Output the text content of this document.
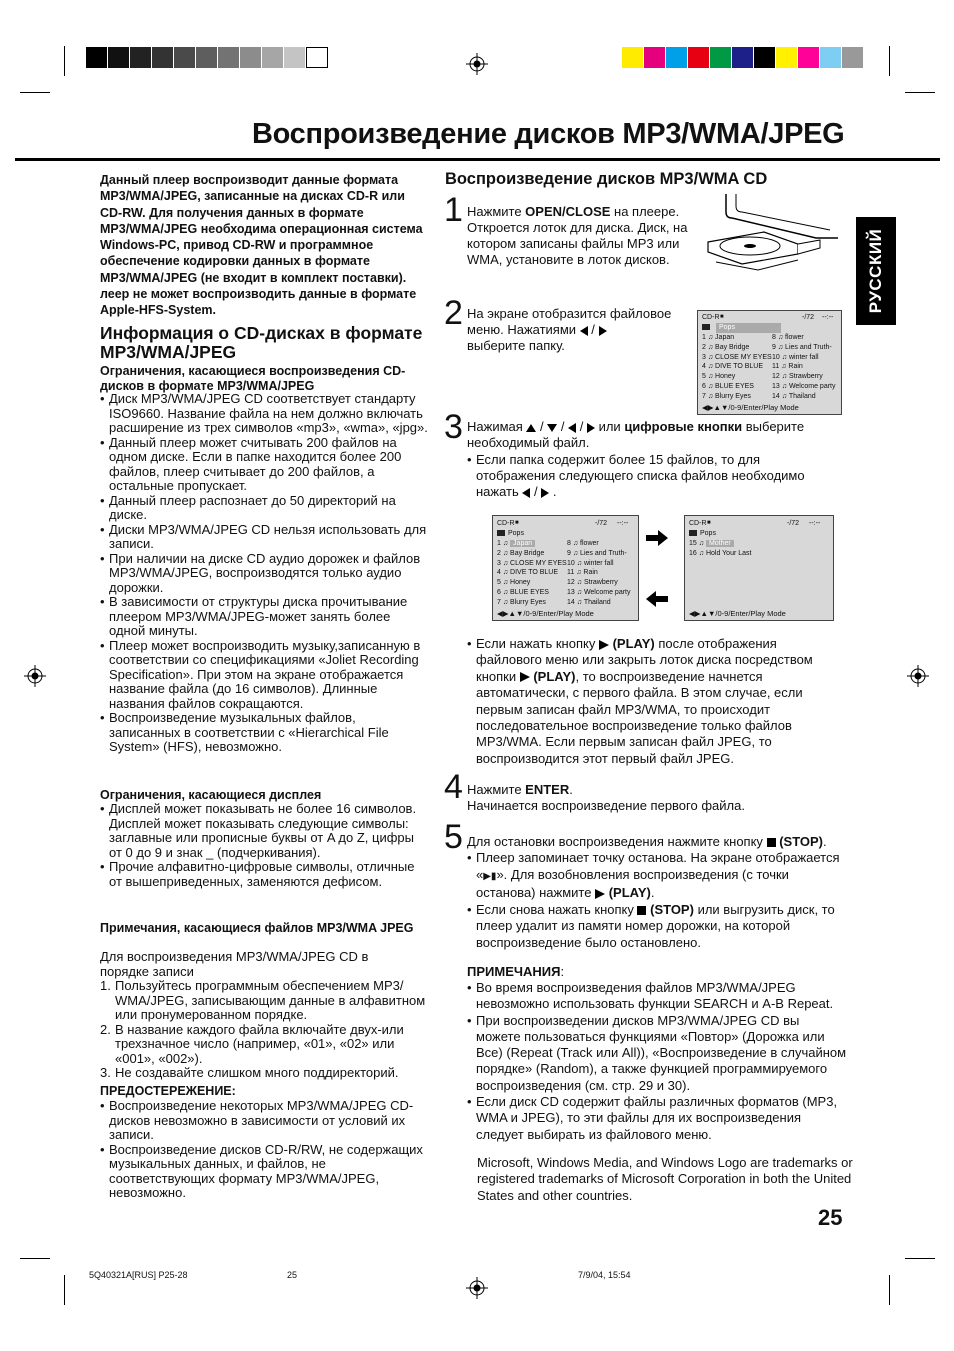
Воспроизведение дисков MP3/WMA/JPEG
РУССКИЙ
Данный плеер воспроизводит данные формата MP3/WMA/JPEG, записанные на дисках CD-R или CD-RW. Для получения данных в формате MP3/WMA/JPEG необходима операционная система Windows-PC, привод CD-RW и программное обеспечение кодировки данных в формате MP3/WMA/JPEG (не входит в комплект поставки). леер не может воспроизводить данные в формате Apple-HFS-System.
Информация о CD-дисках в формате MP3/WMA/JPEG
Ограничения, касающиеся воспроизведения CD-дисков в формате MP3/WMA/JPEG
• Диск MP3/WMA/JPEG CD соответствует стандарту ISO9660. Название файла на нем должно включать расширение из трех символов «mp3», «wma», «jpg».
• Данный плеер может считывать 200 файлов на одном диске. Если в папке находится более 200 файлов, плеер считывает до 200 файлов, а остальные пропускает.
• Данный плеер распознает до 50 директорий на диске.
• Диски MP3/WMA/JPEG CD нельзя использовать для записи.
• При наличии на диске CD аудио дорожек и файлов MP3/WMA/JPEG, воспроизводятся только аудио дорожки.
• В зависимости от структуры диска прочитывание плеером MP3/WMA/JPEG-может занять более одной минуты.
• Плеер может воспроизводить музыку,записанную в соответствии со спецификациями «Joliet Recording Specification». При этом на экране отображается название файла (до 16 символов). Длинные названия файлов сокращаются.
• Воспроизведение музыкальных файлов, записанных в соответствии с «Hierarchical File System» (HFS), невозможно.
Ограничения, касающиеся дисплея
• Дисплей может показывать не более 16 символов. Дисплей может показывать следующие символы: заглавные или прописные буквы от A до Z, цифры от 0 до 9 и знак _ (подчеркивания).
• Прочие алфавитно-цифровые символы, отличные от вышеприведенных, заменяются дефисом.
Примечания, касающиеся файлов MP3/WMA JPEG
Для воспроизведения MP3/WMA/JPEG CD в порядке записи
1. Пользуйтесь программным обеспечением MP3/ WMA/JPEG, записывающим данные в алфавитном или пронумерованном порядке.
2. В название каждого файла включайте двух-или трехзначное число (например, «01», «02» или «001», «002»).
3. Не создавайте слишком много поддиректорий.
ПРЕДОСТЕРЕЖЕНИЕ:
• Воспроизведение некоторых MP3/WMA/JPEG CD-дисков невозможно в зависимости от условий их записи.
• Воспроизведение дисков CD-R/RW, не содержащих музыкальных данных, и файлов, не соответствующих формату MP3/WMA/JPEG, невозможно.
Воспроизведение дисков MP3/WMA CD
1 Нажмите OPEN/CLOSE на плеере. Откроется лоток для диска. Диск, на котором записаны файлы MP3 или WMA, установите в лоток дисков.
2 На экране отобразится файловое меню. Нажатиями  /
выберите папку.
CD-R ■	-/72 --:--
Pops
1 ♫ Japan
2 ♫ Bay Bridge
3 ♫ CLOSE MY EYES
4 ♫ DIVE TO BLUE
5 ♫ Honey
6 ♫ BLUE EYES
7 ♫ Blurry Eyes
8 ♫ flower
9 ♫ Lies and Truth-
10 ♫ winter fall
11 ♫ Rain
12 ♫ Strawberry
13 ♫ Welcome party
14 ♫ Thailand
◀▶▲▼/0-9/Enter/Play Mode
3 Нажимая  /  /  /  или цифровые кнопки выберите необходимый файл.
• Если папка содержит более 15 файлов, то для отображения следующего списка файлов необходимо нажать  /  .
CD-R ■	-/72 --:--
Pops
1 ♫ Japan
2 ♫ Bay Bridge
3 ♫ CLOSE MY EYES
4 ♫ DIVE TO BLUE
5 ♫ Honey
6 ♫ BLUE EYES
7 ♫ Blurry Eyes
8 ♫ flower
9 ♫ Lies and Truth-
10 ♫ winter fall
11 ♫ Rain
12 ♫ Strawberry
13 ♫ Welcome party
14 ♫ Thailand
◀▶▲▼/0-9/Enter/Play Mode
CD-R ■	-/72 --:--
Pops
15 ♫ Mother
16 ♫ Hold Your Last
◀▶▲▼/0-9/Enter/Play Mode
• Если нажать кнопку (PLAY) после отображения файлового меню или закрыть лоток диска посредством кнопки (PLAY), то воспроизведение начнется автоматически, с первого файла. В этом случае, если первым записан файл MP3/WMA, то происходит последовательное воспроизведение только файлов MP3/WMA. Если первым записан файл JPEG, то воспроизводится этот первый файл JPEG.
4 Нажмите ENTER.
Начинается воспроизведение первого файла.
5 Для остановки воспроизведения нажмите кнопку (STOP).
• Плеер запоминает точку останова. На экране отображается «▶▮». Для возобновления воспроизведения (с точки останова) нажмите (PLAY).
• Если снова нажать кнопку (STOP) или выгрузить диск, то плеер удалит из памяти номер дорожки, на которой воспроизведение было остановлено.
ПРИМЕЧАНИЯ:
• Во время воспроизведения файлов MP3/WMA/JPEG невозможно использовать функции SEARCH и A-B Repeat.
• При воспроизведении дисков MP3/WMA/JPEG CD вы можете пользоваться функциями «Повтор» (Дорожка или Все) (Repeat (Track или All)), «Воспроизведение в случайном порядке» (Random), а также функцией программируемого воспроизведения (см. стр. 29 и 30).
• Если диск CD содержит файлы различных форматов (MP3, WMA и JPEG), то эти файлы для их воспроизведения следует выбирать из файлового меню.
Microsoft, Windows Media, and Windows Logo are trademarks or registered trademarks of Microsoft Corporation in both the United States and other countries.
25
5Q40321A[RUS] P25-28	25	7/9/04, 15:54
